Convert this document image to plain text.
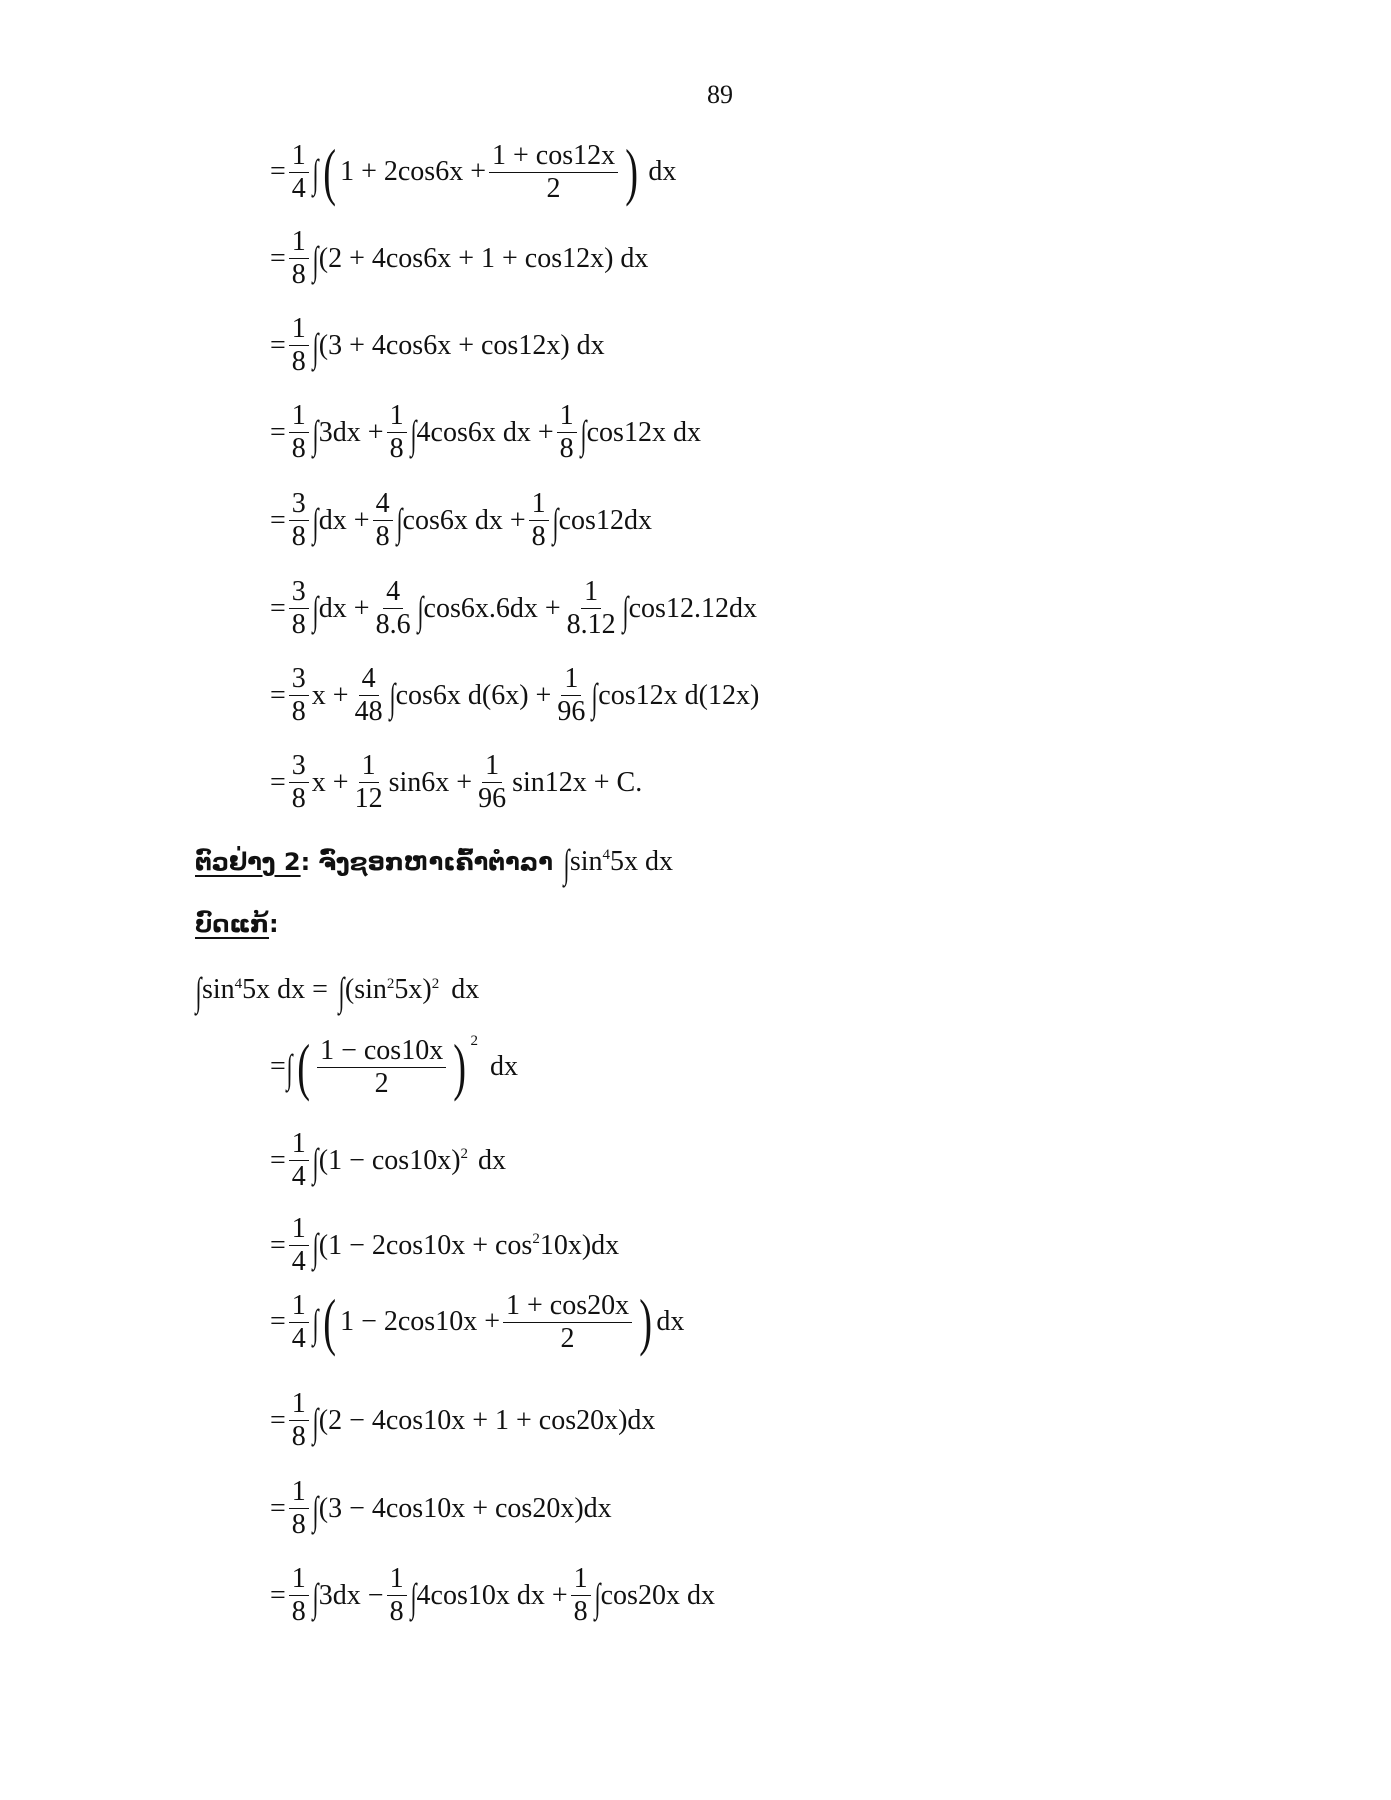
89
= $\frac{1}{4}$ ∫ ( $1 + 2\cos 6x + \frac{1 + \cos 12x}{2}$ ) dx
= $\frac{1}{8}$ ∫ (2 + 4cos6x + 1 + cos12x) dx
= $\frac{1}{8}$ ∫ (3 + 4cos6x + cos12x) dx
= $\frac{1}{8}$ ∫ $3dx + \frac{1}{8}$ ∫ 4cos6x dx + $\frac{1}{8}$ ∫ cos12x dx
= $\frac{3}{8}$ ∫ dx + $\frac{4}{8}$ ∫ cos6x dx + $\frac{1}{8}$ ∫ cos12dx
= $\frac{3}{8}$ ∫ dx + $\frac{4}{8.6}$ ∫ $\cos 6x.6dx + \frac{1}{8.12}$ ∫ cos12.12dx
= $\frac{3}{8}$ $x + \frac{4}{48}$ ∫ cos6x $d(6x) + \frac{1}{96}$ ∫ cos12x d(12x)
= $\frac{3}{8}$ $x + \frac{1}{12} \sin 6x + \frac{1}{96} \sin 12x + C$.
ຕົວຢ່າງ 2 : ຈົ່ງຊອກຫາເຄົ້າຕຳລາ ∫ $\sin^4 5x$ dx
ບົດແກ້ :
∫ $\sin^4 5x$ dx = ∫ ($\sin^2$ 5x)$^2$ dx
= ∫ ( $\frac{1 - \cos 10x}{2}$ ) $^2$
dx
= $\frac{1}{4}$ ∫ $(1 - \cos 10x)^2$ dx
= $\frac{1}{4}$ ∫ $(1 - 2\cos 10x + \cos^2 10x)dx$
= $\frac{1}{4}$ ∫ ( $1 - 2\cos 10x + \frac{1 + \cos 20x}{2}$ ) dx
= $\frac{1}{8}$ ∫ (2 − 4cos10x + 1 + cos20x)dx
= $\frac{1}{8}$ ∫ (3 − 4cos10x + cos20x)dx
= $\frac{1}{8}$ ∫ $3dx - \frac{1}{8}$ ∫ 4cos10x dx + $\frac{1}{8}$ ∫ cos20x dx
